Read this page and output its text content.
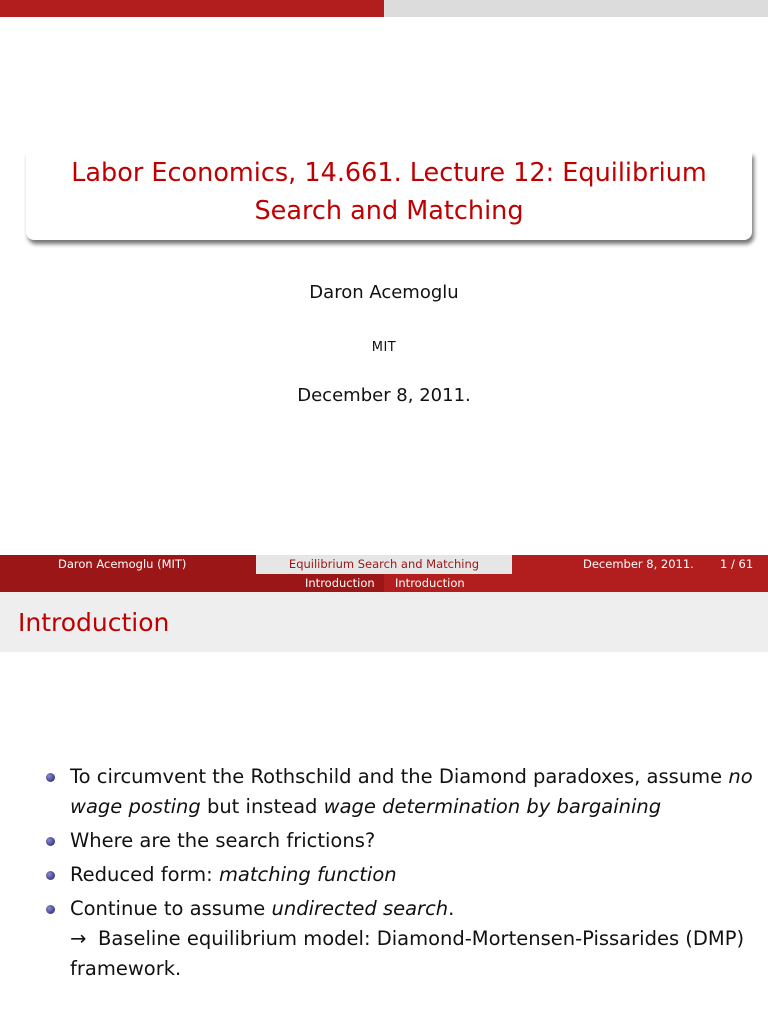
Labor Economics, 14.661. Lecture 12: Equilibrium
Search and Matching
Daron Acemoglu
MIT
December 8, 2011.
Daron Acemoglu (MIT)	Equilibrium Search and Matching	December 8, 2011. 1 / 61
Introduction Introduction
Introduction
To circumvent the Rothschild and the Diamond paradoxes, assume no wage posting but instead wage determination by bargaining
Where are the search frictions?
Reduced form: matching function
Continue to assume undirected search.
→ Baseline equilibrium model: Diamond-Mortensen-Pissarides (DMP) framework.
